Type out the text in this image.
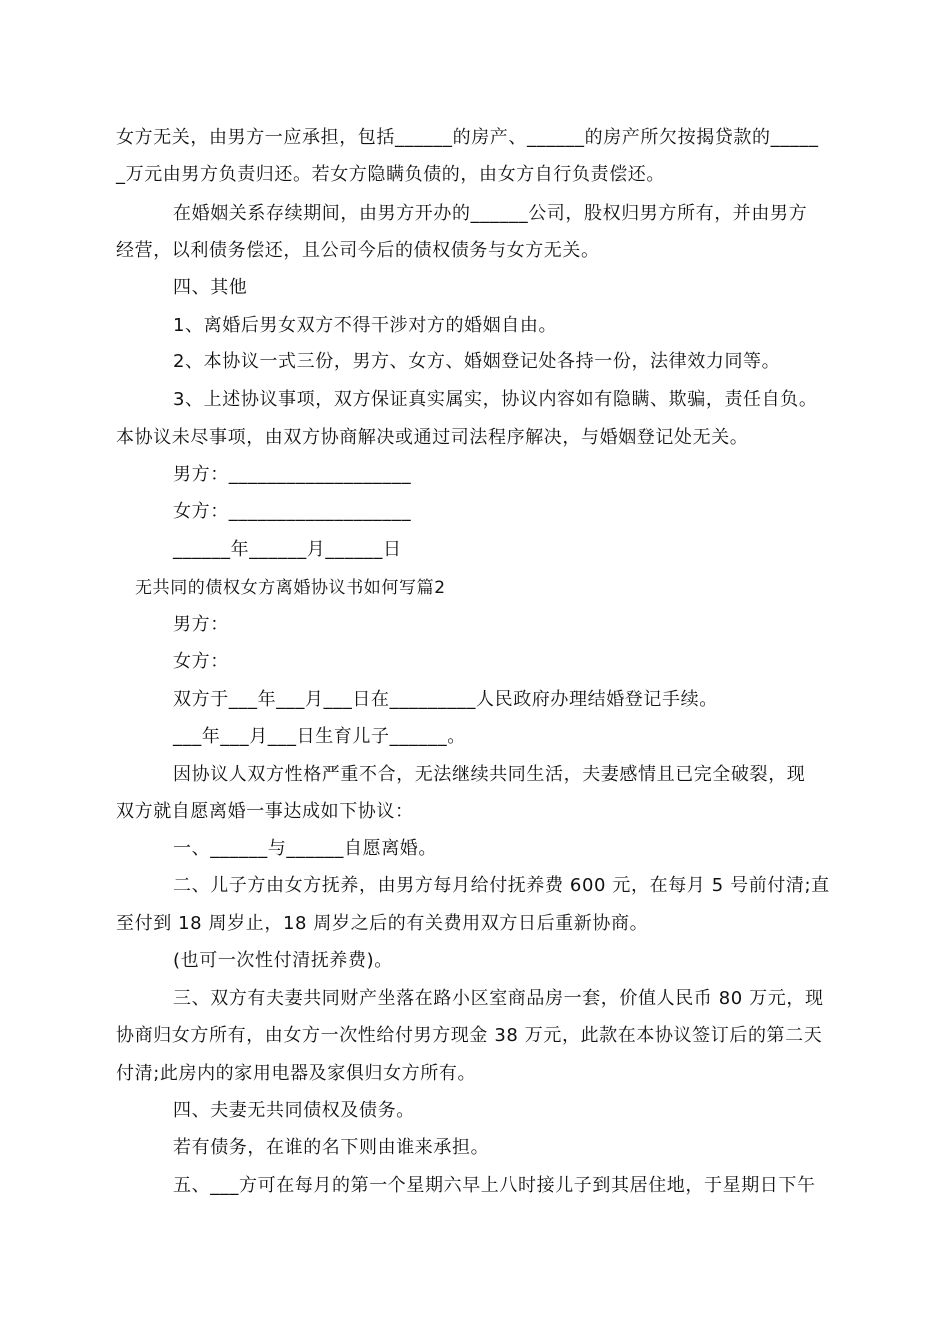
女方无关，由男方一应承担，包括______的房产、______的房产所欠按揭贷款的_____
_万元由男方负责归还。若女方隐瞒负债的，由女方自行负责偿还。
在婚姻关系存续期间，由男方开办的______公司，股权归男方所有，并由男方
经营，以利债务偿还，且公司今后的债权债务与女方无关。
四、其他
1、离婚后男女双方不得干涉对方的婚姻自由。
2、本协议一式三份，男方、女方、婚姻登记处各持一份，法律效力同等。
3、上述协议事项，双方保证真实属实，协议内容如有隐瞒、欺骗，责任自负。
本协议未尽事项，由双方协商解决或通过司法程序解决，与婚姻登记处无关。
男方：___________________
女方：___________________
______年______月______日
无共同的债权女方离婚协议书如何写篇2
男方：
女方：
双方于___年___月___日在_________人民政府办理结婚登记手续。
___年___月___日生育儿子______。
因协议人双方性格严重不合，无法继续共同生活，夫妻感情且已完全破裂，现
双方就自愿离婚一事达成如下协议：
一、______与______自愿离婚。
二、儿子方由女方抚养，由男方每月给付抚养费 600 元，在每月 5 号前付清;直
至付到 18 周岁止，18 周岁之后的有关费用双方日后重新协商。
(也可一次性付清抚养费)。
三、双方有夫妻共同财产坐落在路小区室商品房一套，价值人民币 80 万元，现
协商归女方所有，由女方一次性给付男方现金 38 万元，此款在本协议签订后的第二天
付清;此房内的家用电器及家俱归女方所有。
四、夫妻无共同债权及债务。
若有债务，在谁的名下则由谁来承担。
五、___方可在每月的第一个星期六早上八时接儿子到其居住地，于星期日下午
